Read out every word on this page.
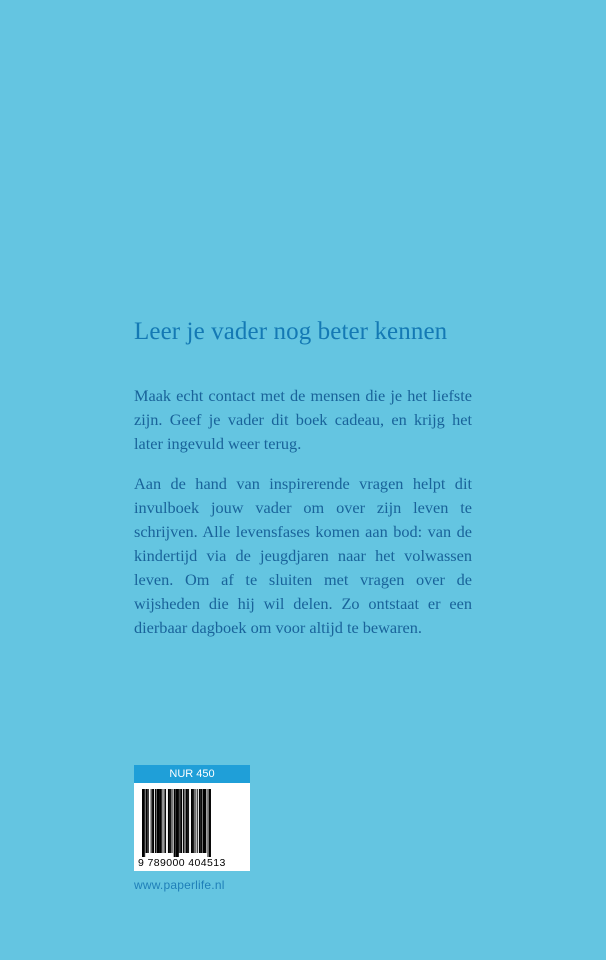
Leer je vader nog beter kennen

Maak echt contact met de mensen die je het liefste zijn. Geef je vader dit boek cadeau, en krijg het later ingevuld weer terug.

Aan de hand van inspirerende vragen helpt dit invulboek jouw vader om over zijn leven te schrijven. Alle levensfases komen aan bod: van de kindertijd via de jeugdjaren naar het volwassen leven. Om af te sluiten met vragen over de wijsheden die hij wil delen. Zo ontstaat er een dierbaar dagboek om voor altijd te bewaren.

NUR 450
9 789000 404513
www.paperlife.nl
